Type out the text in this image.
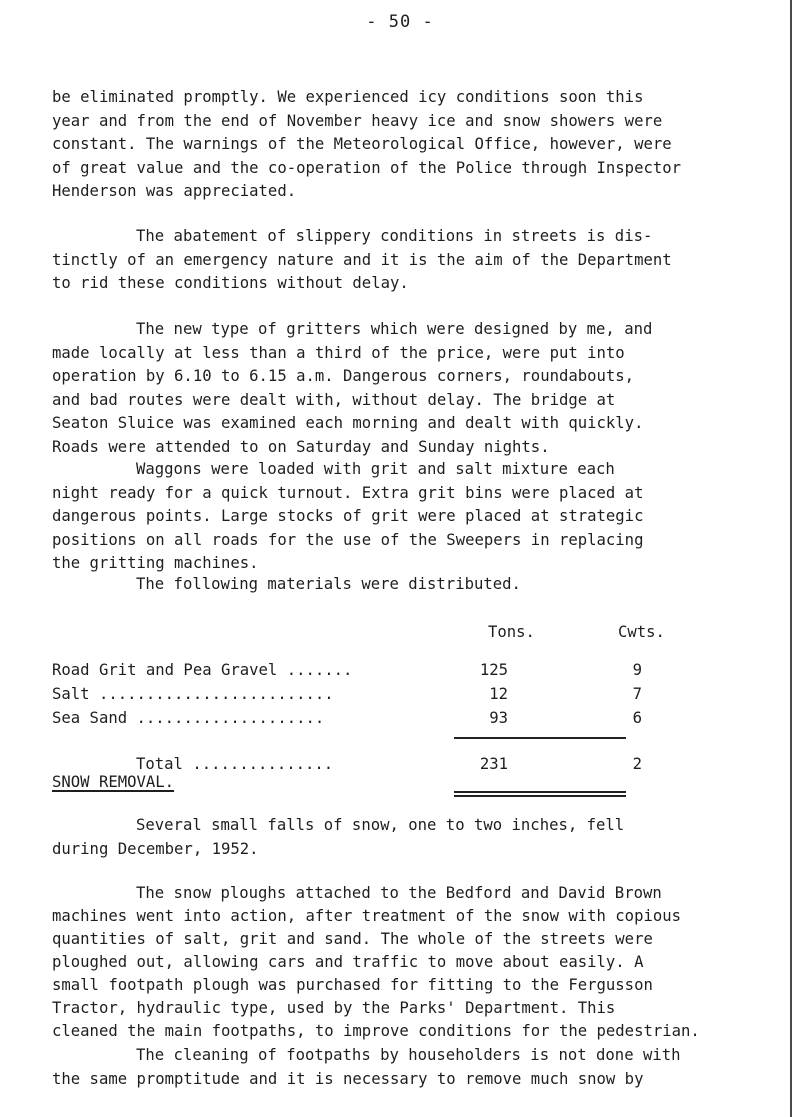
- 50 -
be eliminated promptly. We experienced icy conditions soon this
year and from the end of November heavy ice and snow showers were
constant. The warnings of the Meteorological Office, however, were
of great value and the co-operation of the Police through Inspector
Henderson was appreciated.
The abatement of slippery conditions in streets is dis-
tinctly of an emergency nature and it is the aim of the Department
to rid these conditions without delay.
The new type of gritters which were designed by me, and
made locally at less than a third of the price, were put into
operation by 6.10 to 6.15 a.m. Dangerous corners, roundabouts,
and bad routes were dealt with, without delay. The bridge at
Seaton Sluice was examined each morning and dealt with quickly.
Roads were attended to on Saturday and Sunday nights.
Waggons were loaded with grit and salt mixture each
night ready for a quick turnout. Extra grit bins were placed at
dangerous points. Large stocks of grit were placed at strategic
positions on all roads for the use of the Sweepers in replacing
the gritting machines.
The following materials were distributed.
Tons.	Cwts.
Road Grit and Pea Gravel .......	125	9
Salt .........................	12	7
Sea Sand ....................	93	6
Total ...............	231	2
SNOW REMOVAL.
Several small falls of snow, one to two inches, fell
during December, 1952.
The snow ploughs attached to the Bedford and David Brown
machines went into action, after treatment of the snow with copious
quantities of salt, grit and sand. The whole of the streets were
ploughed out, allowing cars and traffic to move about easily. A
small footpath plough was purchased for fitting to the Fergusson
Tractor, hydraulic type, used by the Parks' Department. This
cleaned the main footpaths, to improve conditions for the pedestrian.
The cleaning of footpaths by householders is not done with
the same promptitude and it is necessary to remove much snow by
